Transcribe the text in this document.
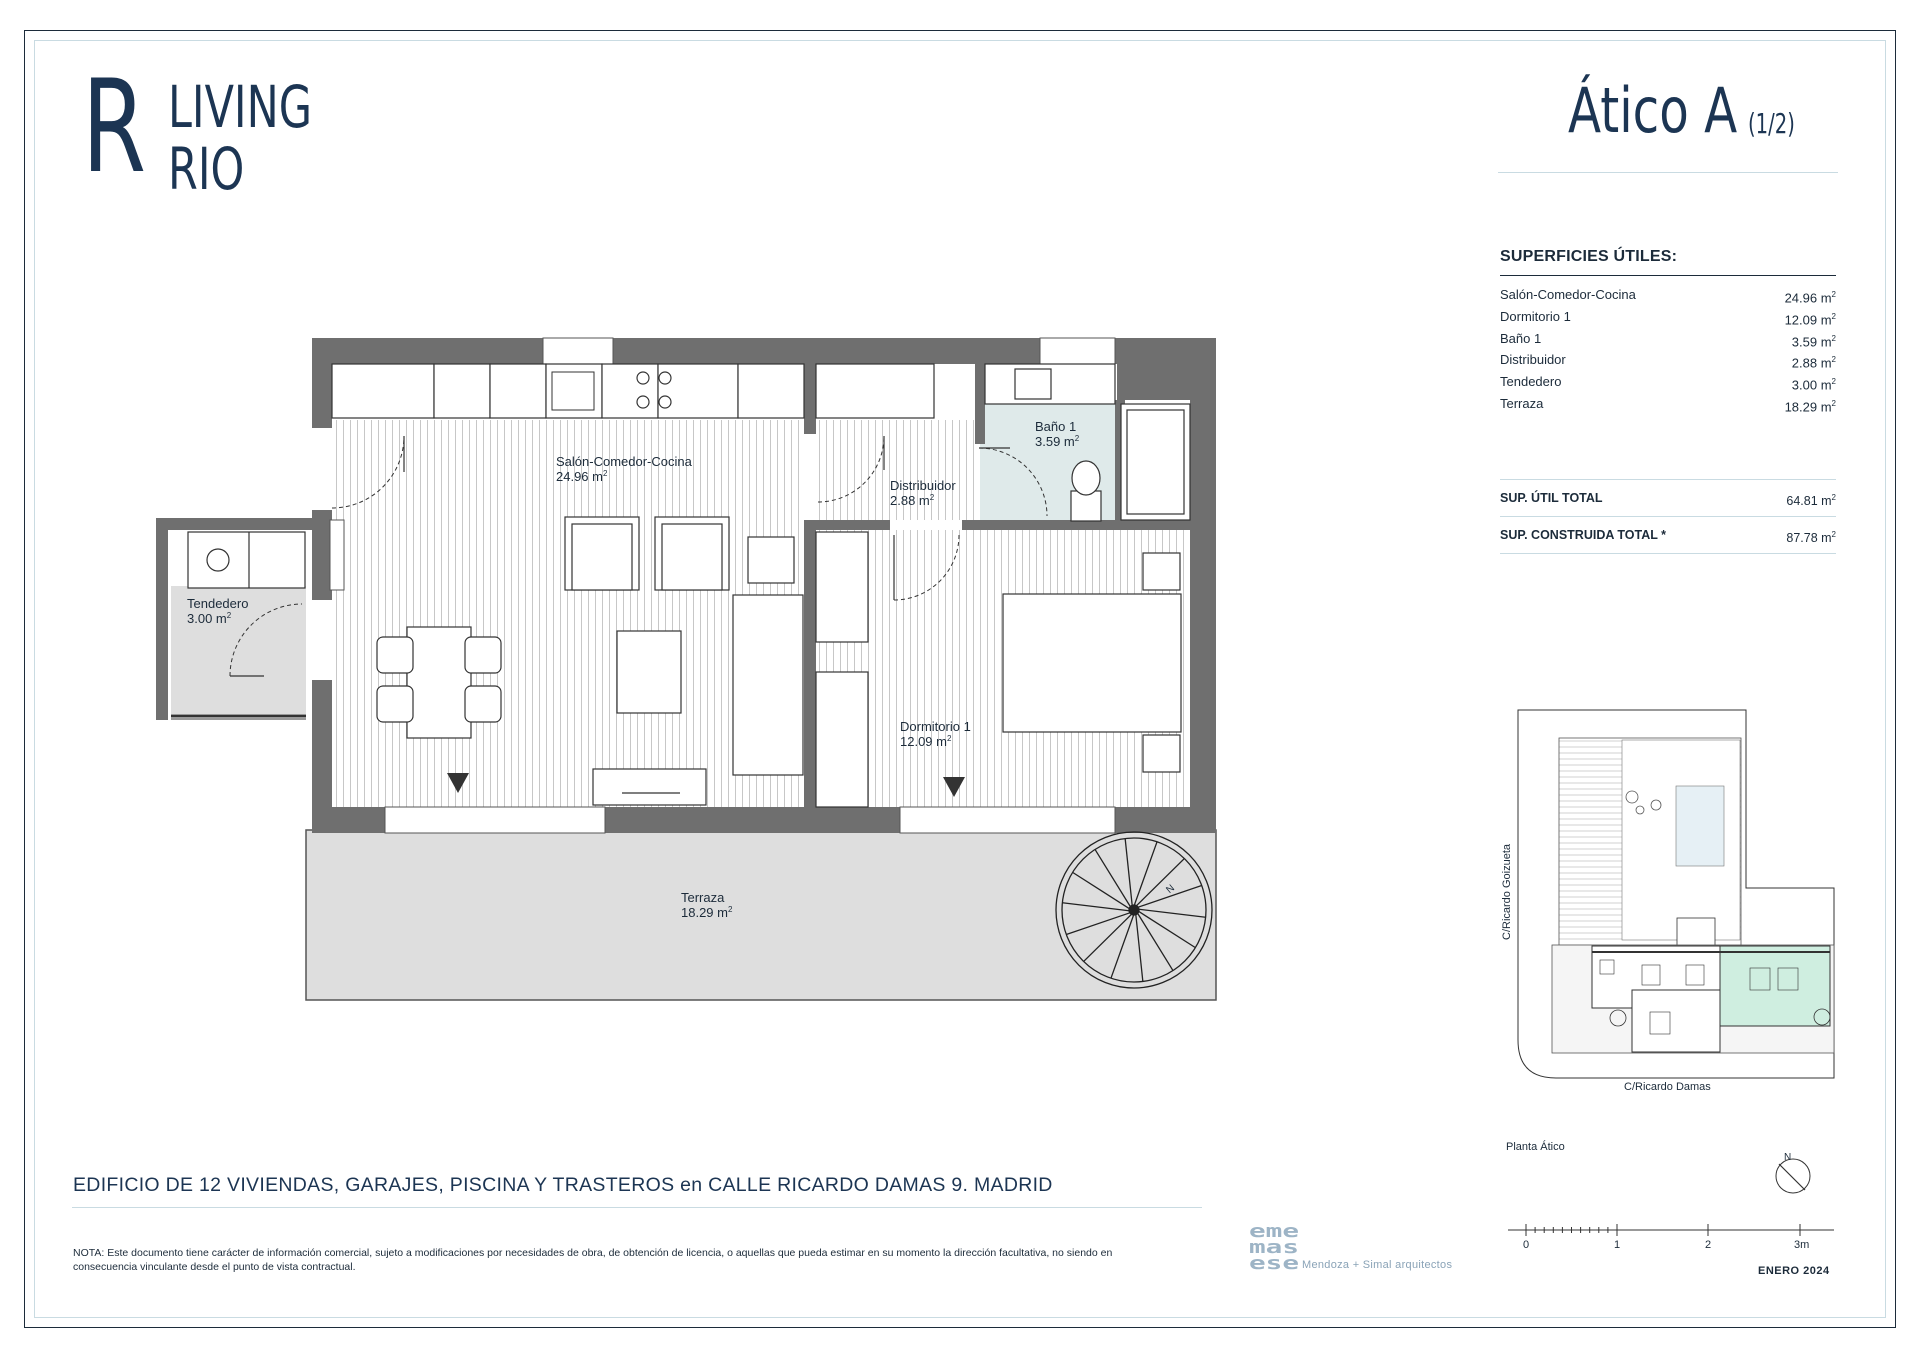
R LIVING
RIO
Ático A (1/2)
SUPERFICIES ÚTILES:
Salón-Comedor-Cocina	24.96 $m^2$
Dormitorio 1	12.09 $m^2$
Baño 1	3.59 $m^2$
Distribuidor	2.88 $m^2$
Tendedero	3.00 $m^2$
Terraza	18.29 $m^2$
SUP. ÚTIL TOTAL	64.81 $m^2$
SUP. CONSTRUIDA TOTAL *	87.78 $m^2$
N
Salón-Comedor-Cocina
24.96 $m^2$
Distribuidor
2.88 $m^2$
Baño 1
3.59 $m^2$
Tendedero
3.00 $m^2$
Dormitorio 1
12.09 $m^2$
Terraza
18.29 $m^2$	C/Ricardo Goizueta
C/Ricardo Damas
N
0	1	2	3m
Planta Ático
EDIFICIO DE 12 VIVIENDAS, GARAJES, PISCINA Y TRASTEROS en CALLE RICARDO DAMAS 9. MADRID
NOTA: Este documento tiene carácter de información comercial, sujeto a modificaciones por necesidades de obra, de obtención de licencia, o aquellas que pueda estimar en su momento la dirección facultativa, no siendo en
consecuencia vinculante desde el punto de vista contractual.
eme
mas
ese Mendoza + Simal arquitectos	ENERO 2024
